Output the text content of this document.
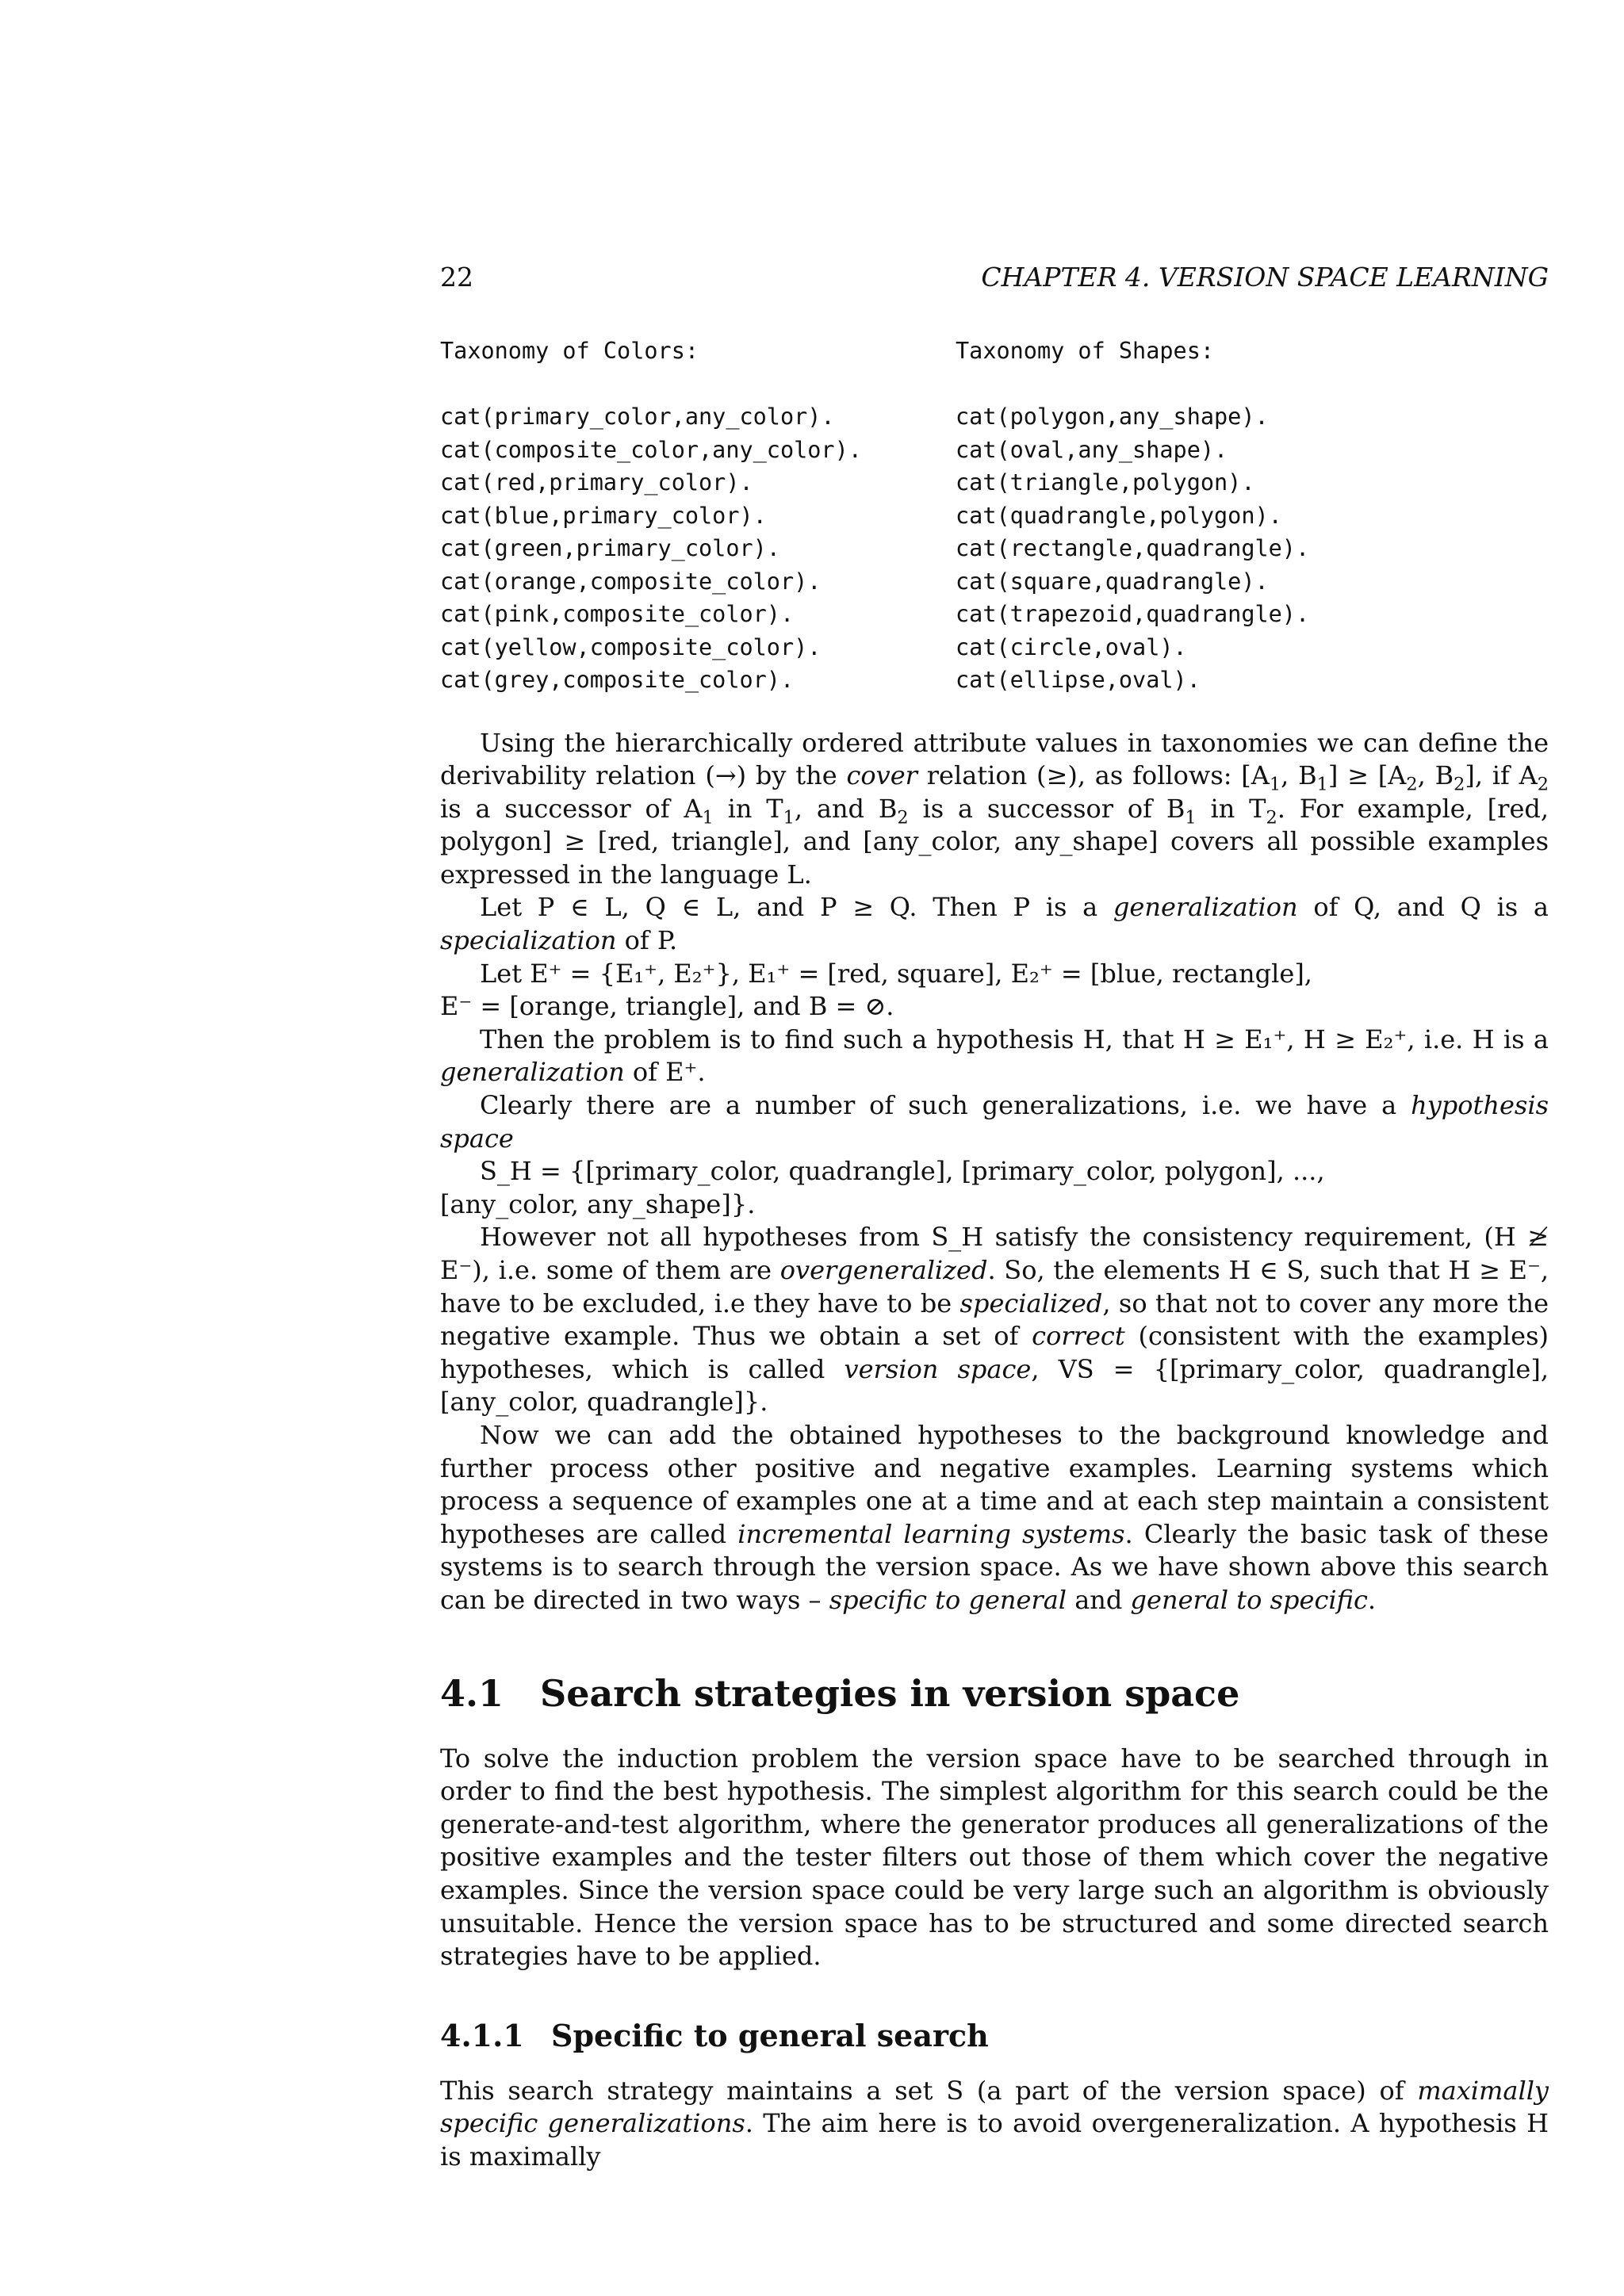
22	CHAPTER 4. VERSION SPACE LEARNING
Taxonomy of Colors:
cat(primary_color,any_color).
cat(composite_color,any_color).
cat(red,primary_color).
cat(blue,primary_color).
cat(green,primary_color).
cat(orange,composite_color).
cat(pink,composite_color).
cat(yellow,composite_color).
cat(grey,composite_color).
Taxonomy of Shapes:
cat(polygon,any_shape).
cat(oval,any_shape).
cat(triangle,polygon).
cat(quadrangle,polygon).
cat(rectangle,quadrangle).
cat(square,quadrangle).
cat(trapezoid,quadrangle).
cat(circle,oval).
cat(ellipse,oval).

Using the hierarchically ordered attribute values in taxonomies we can define the derivability relation (→) by the cover relation (≥), as follows: [$A_1$, $B_1] \ge [A_2$, $B_2$], if $A_2$ is a successor of $A_1$ in $T_1$, and $B_2$ is a successor of $B_1$ in $T_2$. For example, [red, polygon] ≥ [red, triangle], and [any_color, any_shape] covers all possible examples expressed in the language L.

Let P ∈ L, Q ∈ L, and P ≥ Q. Then P is a generalization of Q, and Q is a specialization of P.

Let E⁺ = {E₁⁺, E₂⁺}, E₁⁺ = [red, square], E₂⁺ = [blue, rectangle],

E⁻ = [orange, triangle], and B = ⊘.

Then the problem is to find such a hypothesis H, that H ≥ E₁⁺, H ≥ E₂⁺, i.e. H is a generalization of E⁺.

Clearly there are a number of such generalizations, i.e. we have a hypothesis space

S_H = {[primary_color, quadrangle], [primary_color, polygon], ...,

[any_color, any_shape]}.

However not all hypotheses from S_H satisfy the consistency requirement, (H ≱ E⁻), i.e. some of them are overgeneralized. So, the elements H ∈ S, such that H ≥ E⁻, have to be excluded, i.e they have to be specialized, so that not to cover any more the negative example. Thus we obtain a set of correct (consistent with the examples) hypotheses, which is called version space, VS = {[primary_color, quadrangle], [any_color, quadrangle]}.

Now we can add the obtained hypotheses to the background knowledge and further process other positive and negative examples. Learning systems which process a sequence of examples one at a time and at each step maintain a consistent hypotheses are called incremental learning systems. Clearly the basic task of these systems is to search through the version space. As we have shown above this search can be directed in two ways – specific to general and general to specific.

4.1 Search strategies in version space

To solve the induction problem the version space have to be searched through in order to find the best hypothesis. The simplest algorithm for this search could be the generate-and-test algorithm, where the generator produces all generalizations of the positive examples and the tester filters out those of them which cover the negative examples. Since the version space could be very large such an algorithm is obviously unsuitable. Hence the version space has to be structured and some directed search strategies have to be applied.

4.1.1 Specific to general search

This search strategy maintains a set S (a part of the version space) of maximally specific generalizations. The aim here is to avoid overgeneralization. A hypothesis H is maximally
